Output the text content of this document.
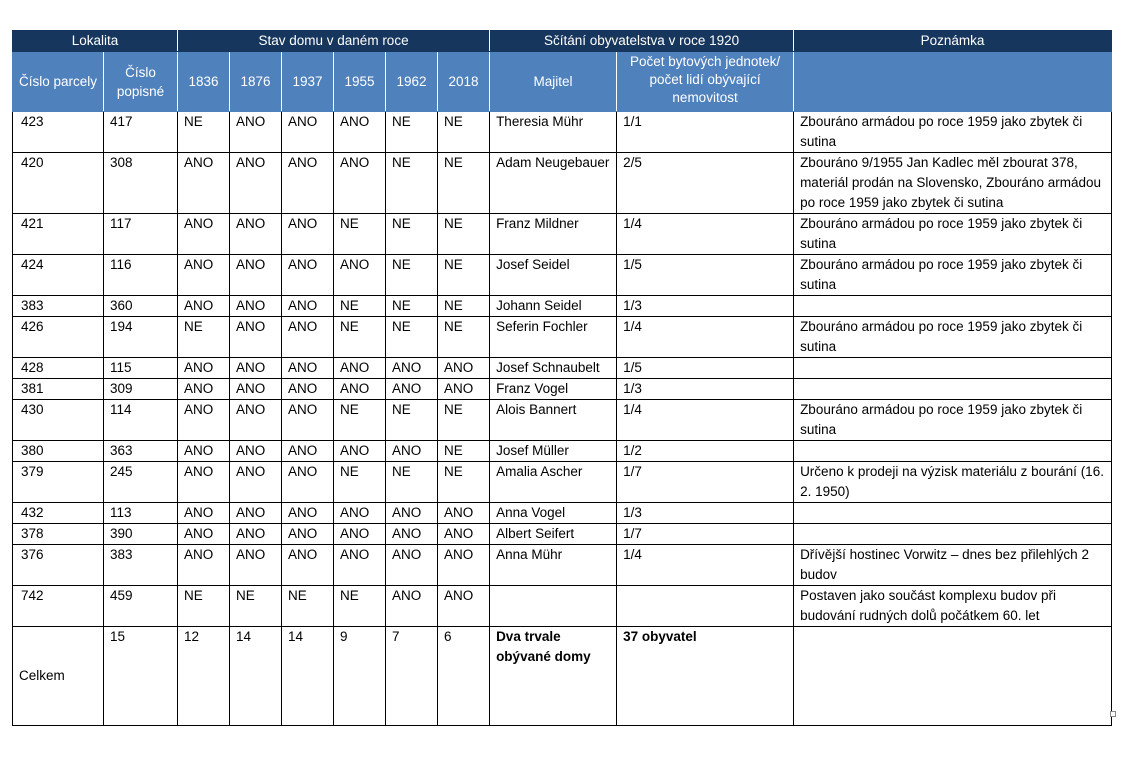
Lokalita		Stav domu v daném roce						Sčítání obyvatelstva v roce 1920		Poznámka
Číslo parcely	Číslo popisné	1836	1876	1937	1955	1962	2018	Majitel	Počet bytových jednotek/ počet lidí obývající nemovitost	
423	417	NE	ANO	ANO	ANO	NE	NE	Theresia Mühr	1/1	Zbouráno armádou po roce 1959 jako zbytek či sutina
420	308	ANO	ANO	ANO	ANO	NE	NE	Adam Neugebauer	2/5	Zbouráno 9/1955 Jan Kadlec měl zbourat 378, materiál prodán na Slovensko, Zbouráno armádou po roce 1959 jako zbytek či sutina
421	117	ANO	ANO	ANO	NE	NE	NE	Franz Mildner	1/4	Zbouráno armádou po roce 1959 jako zbytek či sutina
424	116	ANO	ANO	ANO	ANO	NE	NE	Josef Seidel	1/5	Zbouráno armádou po roce 1959 jako zbytek či sutina
383	360	ANO	ANO	ANO	NE	NE	NE	Johann Seidel	1/3	
426	194	NE	ANO	ANO	NE	NE	NE	Seferin Fochler	1/4	Zbouráno armádou po roce 1959 jako zbytek či sutina
428	115	ANO	ANO	ANO	ANO	ANO	ANO	Josef Schnaubelt	1/5	
381	309	ANO	ANO	ANO	ANO	ANO	ANO	Franz Vogel	1/3	
430	114	ANO	ANO	ANO	NE	NE	NE	Alois Bannert	1/4	Zbouráno armádou po roce 1959 jako zbytek či sutina
380	363	ANO	ANO	ANO	ANO	ANO	NE	Josef Müller	1/2	
379	245	ANO	ANO	ANO	NE	NE	NE	Amalia Ascher	1/7	Určeno k prodeji na výzisk materiálu z bourání (16. 2. 1950)
432	113	ANO	ANO	ANO	ANO	ANO	ANO	Anna Vogel	1/3	
378	390	ANO	ANO	ANO	ANO	ANO	ANO	Albert Seifert	1/7	
376	383	ANO	ANO	ANO	ANO	ANO	ANO	Anna Mühr	1/4	Dřívější hostinec Vorwitz – dnes bez přilehlých 2 budov
742	459	NE	NE	NE	NE	ANO	ANO			Postaven jako součást komplexu budov při budování rudných dolů počátkem 60. let
Celkem	15	12	14	14	9	7	6	Dva trvale obývané domy	37 obyvatel	
